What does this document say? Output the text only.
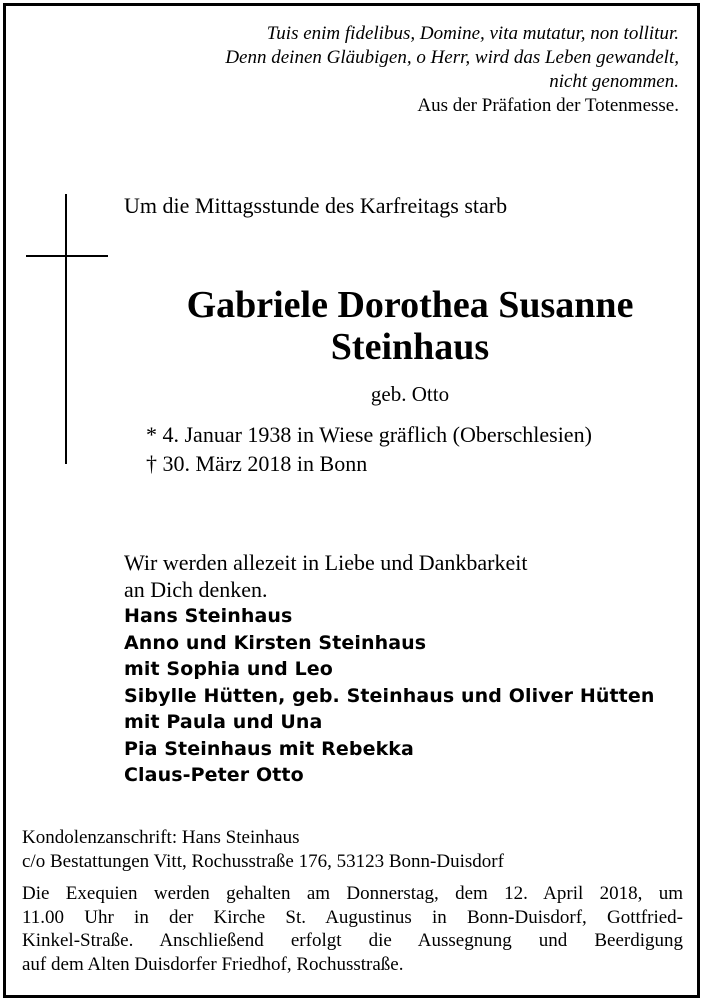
Tuis enim fidelibus, Domine, vita mutatur, non tollitur.
Denn deinen Gläubigen, o Herr, wird das Leben gewandelt,
nicht genommen.
Aus der Präfation der Totenmesse.
Um die Mittagsstunde des Karfreitags starb
Gabriele Dorothea Susanne
Steinhaus
geb. Otto
* 4. Januar 1938 in Wiese gräflich (Oberschlesien)
† 30. März 2018 in Bonn
Wir werden allezeit in Liebe und Dankbarkeit
an Dich denken.
Hans Steinhaus
Anno und Kirsten Steinhaus
mit Sophia und Leo
Sibylle Hütten, geb. Steinhaus und Oliver Hütten
mit Paula und Una
Pia Steinhaus mit Rebekka
Claus-Peter Otto
Kondolenzanschrift: Hans Steinhaus
c/o Bestattungen Vitt, Rochusstraße 176, 53123 Bonn-Duisdorf
Die Exequien werden gehalten am Donnerstag, dem 12. April 2018, um
11.00 Uhr in der Kirche St. Augustinus in Bonn-Duisdorf, Gottfried-
Kinkel-Straße. Anschließend erfolgt die Aussegnung und Beerdigung
auf dem Alten Duisdorfer Friedhof, Rochusstraße.
